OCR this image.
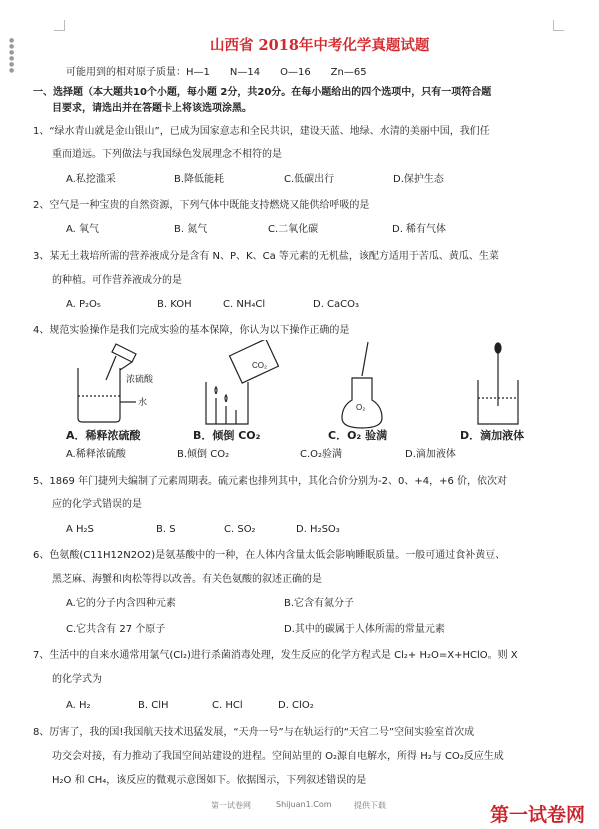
● ●
● ●
● ●
山西省 2018年中考化学真题试题
可能用到的相对原子质量：H—1　　N—14　　O—16　　Zn—65
一、选择题（本大题共10个小题，每小题 2分，共20分。在每小题给出的四个选项中，只有一项符合题
目要求，请选出并在答题卡上将该选项涂黑。
1、“绿水青山就是金山银山”，已成为国家意志和全民共识，建设天蓝、地绿、水清的美丽中国，我们任
重而道远。下列做法与我国绿色发展理念不相符的是
A.私挖滥采	B.降低能耗	C.低碳出行	D.保护生态
2、空气是一种宝贵的自然资源，下列气体中既能支持燃烧又能供给呼吸的是
A. 氧气	B. 氮气	C.二氧化碳	D. 稀有气体
3、某无土栽培所需的营养液成分是含有 N、P、K、Ca 等元素的无机盐，该配方适用于苦瓜、黄瓜、生菜
的种植。可作营养液成分的是
A. P₂O₅	B. KOH	C. NH₄Cl	D. CaCO₃
4、规范实验操作是我们完成实验的基本保障，你认为以下操作正确的是
浓硫酸
水
CO₂
O₂
A．稀释浓硫酸	B．倾倒 CO₂	C．O₂ 验满	D．滴加液体
A.稀释浓硫酸	B.倾倒 CO₂	C.O₂验满	D.滴加液体
5、1869 年门捷列夫编制了元素周期表。硫元素也排列其中，其化合价分别为-2、0、+4，+6 价，依次对
应的化学式错误的是
A H₂S	B. S	C. SO₂	D. H₂SO₃
6、色氨酸(C11H12N2O2)是氨基酸中的一种，在人体内含量太低会影响睡眠质量。一般可通过食补黄豆、
黑芝麻、海蟹和肉松等得以改善。有关色氨酸的叙述正确的是
A.它的分子内含四种元素	B.它含有氮分子
C.它共含有 27 个原子	D.其中的碳属于人体所需的常量元素
7、生活中的自来水通常用氯气(Cl₂)进行杀菌消毒处理，发生反应的化学方程式是 Cl₂+ H₂O=X+HClO。则 X
的化学式为
A. H₂	B. ClH	C. HCl	D. ClO₂
8、厉害了，我的国!我国航天技术迅猛发展，“天舟一号”与在轨运行的“天宫二号”空间实验室首次成
功交会对接，有力推动了我国空间站建设的进程。空间站里的 O₂源自电解水，所得 H₂与 CO₂反应生成
H₂O 和 CH₄，该反应的微观示意图如下。依据图示，下列叙述错误的是
第一试卷网	Shijuan1.Com	提供下载	第一试卷网
